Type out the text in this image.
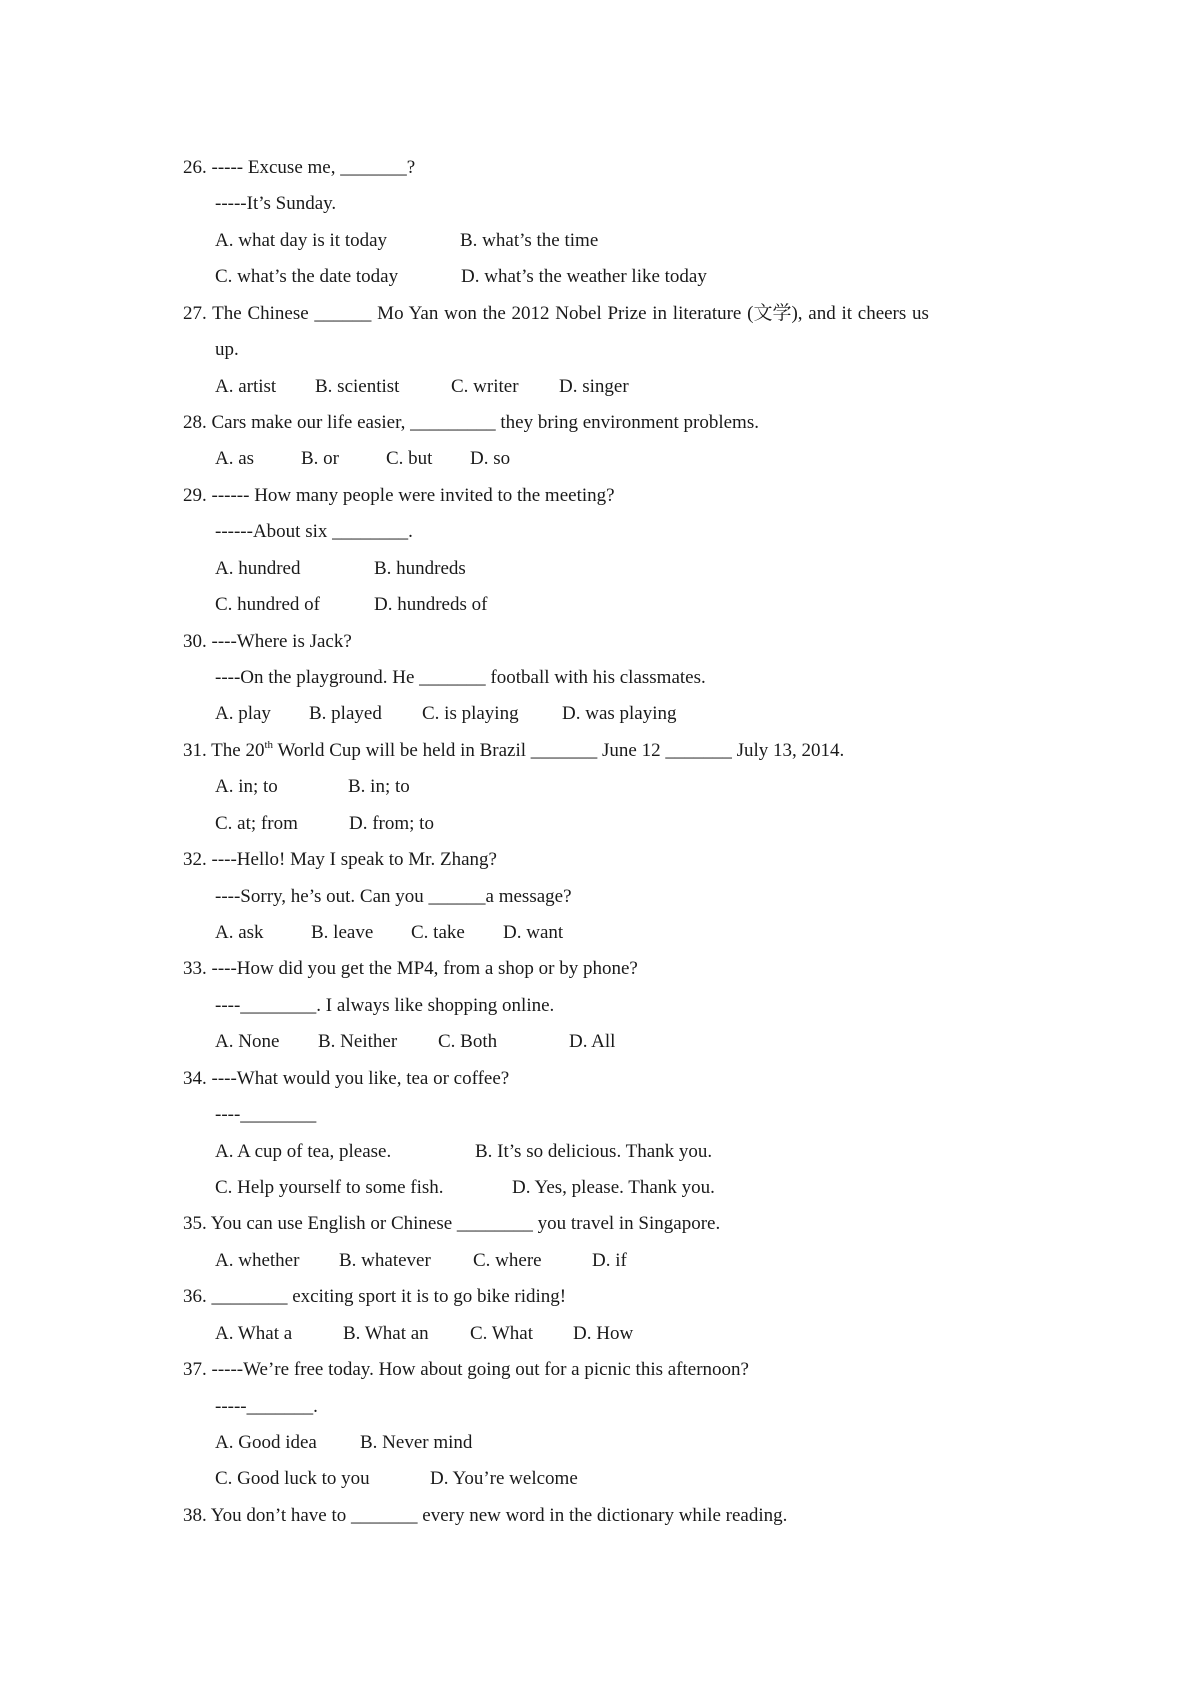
26. ----- Excuse me, _______?
-----It’s Sunday.
A. what day is it today	B. what’s the time
C. what’s the date today	D. what’s the weather like today
27. The Chinese ______ Mo Yan won the 2012 Nobel Prize in literature (文学), and it cheers us
up.
A. artist B. scientist	C. writer D. singer
28. Cars make our life easier, _________ they bring environment problems.
A. as B. or C. but D. so
29. ------ How many people were invited to the meeting?
------About six ________.
A. hundred	B. hundreds
C. hundred of	D. hundreds of
30. ----Where is Jack?
----On the playground. He _______ football with his classmates.
A. play B. played C. is playing D. was playing
31. The 20th World Cup will be held in Brazil _______ June 12 _______ July 13, 2014.
A. in; to	B. in; to
C. at; from	D. from; to
32. ----Hello! May I speak to Mr. Zhang?
----Sorry, he’s out. Can you ______a message?
A. ask B. leave C. take D. want
33. ----How did you get the MP4, from a shop or by phone?
----________. I always like shopping online.
A. None B. Neither C. Both	D. All
34. ----What would you like, tea or coffee?
----________
A. A cup of tea, please.	B. It’s so delicious. Thank you.
C. Help yourself to some fish.	D. Yes, please. Thank you.
35. You can use English or Chinese ________ you travel in Singapore.
A. whether B. whatever C. where	D. if
36. ________ exciting sport it is to go bike riding!
A. What a	B. What an C. What D. How
37. -----We’re free today. How about going out for a picnic this afternoon?
-----_______.
A. Good idea B. Never mind
C. Good luck to you	D. You’re welcome
38. You don’t have to _______ every new word in the dictionary while reading.
